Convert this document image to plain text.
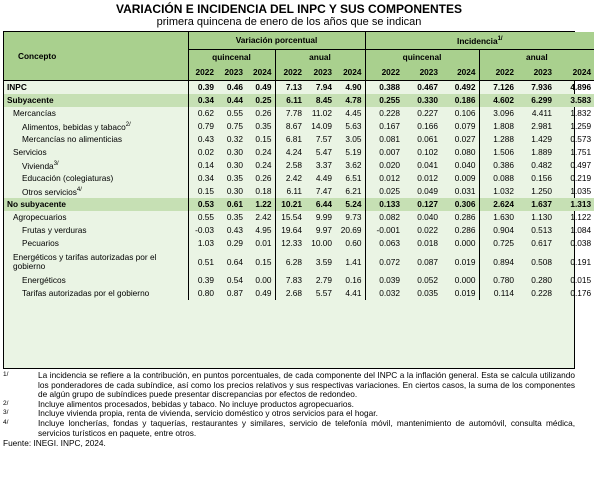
VARIACIÓN E INCIDENCIA DEL INPC Y SUS COMPONENTES
primera quincena de enero de los años que se indican
Concepto	Variación porcentual						Incidencia$^{1/}$
	quincenal			anual			quincenal			anual		
	2022	2023	2024	2022	2023	2024	2022	2023	2024	2022	2023	2024
INPC	0.39	0.46	0.49	7.13	7.94	4.90	0.388	0.467	0.492	7.126	7.936	4.896
Subyacente	0.34	0.44	0.25	6.11	8.45	4.78	0.255	0.330	0.186	4.602	6.299	3.583
Mercancías	0.62	0.55	0.26	7.78	11.02	4.45	0.228	0.227	0.106	3.096	4.411	1.832
Alimentos, bebidas y tabaco$^{2/}$	0.79	0.75	0.35	8.67	14.09	5.63	0.167	0.166	0.079	1.808	2.981	1.259
Mercancías no alimenticias	0.43	0.32	0.15	6.81	7.57	3.05	0.081	0.061	0.027	1.288	1.429	0.573
Servicios	0.02	0.30	0.24	4.24	5.47	5.19	0.007	0.102	0.080	1.506	1.889	1.751
Vivienda$^{3/}$	0.14	0.30	0.24	2.58	3.37	3.62	0.020	0.041	0.040	0.386	0.482	0.497
Educación (colegiaturas)	0.34	0.35	0.26	2.42	4.49	6.51	0.012	0.012	0.009	0.088	0.156	0.219
Otros servicios$^{4/}$	0.15	0.30	0.18	6.11	7.47	6.21	0.025	0.049	0.031	1.032	1.250	1.035
No subyacente	0.53	0.61	1.22	10.21	6.44	5.24	0.133	0.127	0.306	2.624	1.637	1.313
Agropecuarios	0.55	0.35	2.42	15.54	9.99	9.73	0.082	0.040	0.286	1.630	1.130	1.122
Frutas y verduras	-0.03	0.43	4.95	19.64	9.97	20.69	-0.001	0.022	0.286	0.904	0.513	1.084
Pecuarios	1.03	0.29	0.01	12.33	10.00	0.60	0.063	0.018	0.000	0.725	0.617	0.038
Energéticos y tarifas autorizadas por el gobierno	0.51	0.64	0.15	6.28	3.59	1.41	0.072	0.087	0.019	0.894	0.508	0.191
Energéticos	0.39	0.54	0.00	7.83	2.79	0.16	0.039	0.052	0.000	0.780	0.280	0.015
Tarifas autorizadas por el gobierno	0.80	0.87	0.49	2.68	5.57	4.41	0.032	0.035	0.019	0.114	0.228	0.176
1/	La incidencia se refiere a la contribución, en puntos porcentuales, de cada componente del INPC a la inflación general. Esta se calcula utilizando los ponderadores de cada subíndice, así como los precios relativos y sus respectivas variaciones. En ciertos casos, la suma de los componentes de algún grupo de subíndices puede presentar discrepancias por efectos de redondeo.
2/	Incluye alimentos procesados, bebidas y tabaco. No incluye productos agropecuarios.
3/	Incluye vivienda propia, renta de vivienda, servicio doméstico y otros servicios para el hogar.
4/	Incluye loncherías, fondas y taquerías, restaurantes y similares, servicio de telefonía móvil, mantenimiento de automóvil, consulta médica, servicios turísticos en paquete, entre otros.
Fuente: INEGI. INPC, 2024.
